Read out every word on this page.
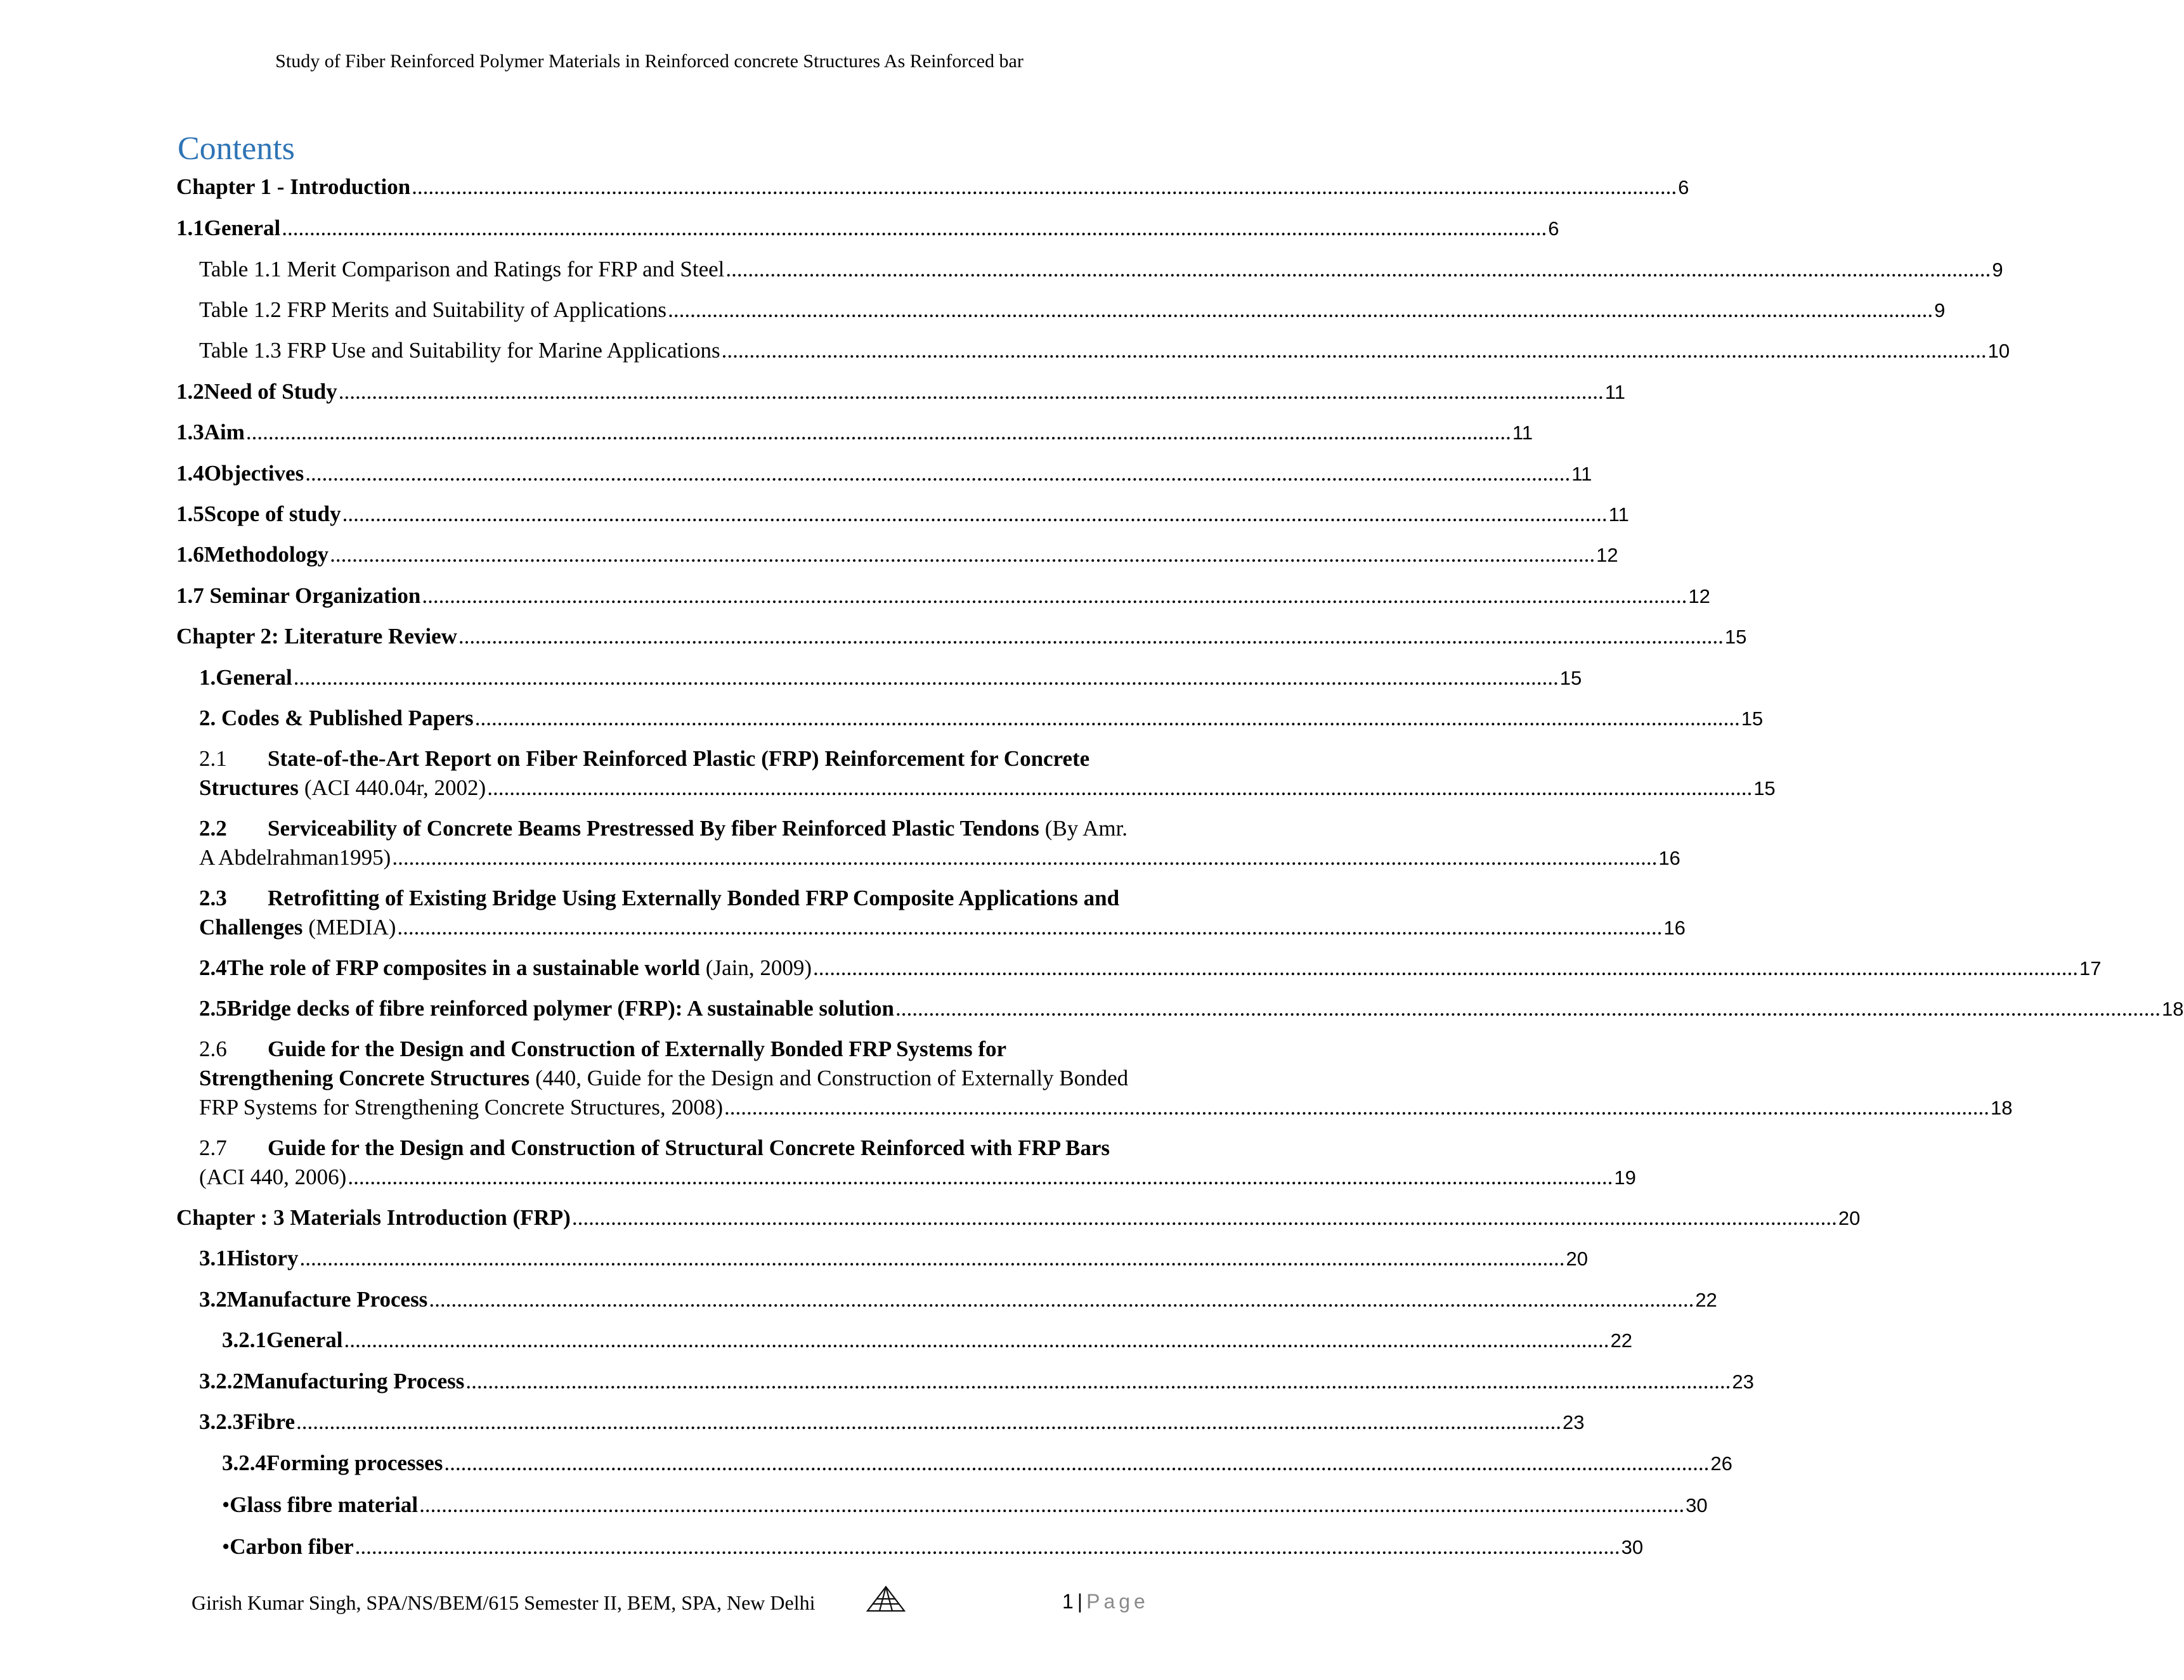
Study of Fiber Reinforced Polymer Materials in Reinforced concrete Structures As Reinforced bar
Contents
Chapter 1 - Introduction .................................................................................................................................................................................................................................... 6
1.1 General .................................................................................................................................................................................................................................... 6
Table 1.1 Merit Comparison and Ratings for FRP and Steel .................................................................................................................................................................................................................................... 9
Table 1.2 FRP Merits and Suitability of Applications .................................................................................................................................................................................................................................... 9
Table 1.3 FRP Use and Suitability for Marine Applications .................................................................................................................................................................................................................................... 10
1.2 Need of Study .................................................................................................................................................................................................................................... 11
1.3 Aim .................................................................................................................................................................................................................................... 11
1.4 Objectives .................................................................................................................................................................................................................................... 11
1.5 Scope of study .................................................................................................................................................................................................................................... 11
1.6 Methodology .................................................................................................................................................................................................................................... 12
1.7 Seminar Organization .................................................................................................................................................................................................................................... 12
Chapter 2: Literature Review .................................................................................................................................................................................................................................... 15
1. General .................................................................................................................................................................................................................................... 15
2. Codes & Published Papers .................................................................................................................................................................................................................................... 15
2.1	State-of-the-Art Report on Fiber Reinforced Plastic (FRP) Reinforcement for Concrete
Structures (ACI 440.04r, 2002) .................................................................................................................................................................................................................................... 15
2.2	Serviceability of Concrete Beams Prestressed By fiber Reinforced Plastic Tendons (By Amr.
A Abdelrahman1995) .................................................................................................................................................................................................................................... 16
2.3	Retrofitting of Existing Bridge Using Externally Bonded FRP Composite Applications and
Challenges (MEDIA) .................................................................................................................................................................................................................................... 16
2.4 The role of FRP composites in a sustainable world (Jain, 2009) .................................................................................................................................................................................................................................... 17
2.5 Bridge decks of fibre reinforced polymer (FRP): A sustainable solution .................................................................................................................................................................................................................................... 18
2.6	Guide for the Design and Construction of Externally Bonded FRP Systems for
Strengthening Concrete Structures (440, Guide for the Design and Construction of Externally Bonded
FRP Systems for Strengthening Concrete Structures, 2008) .................................................................................................................................................................................................................................... 18
2.7	Guide for the Design and Construction of Structural Concrete Reinforced with FRP Bars
(ACI 440, 2006) .................................................................................................................................................................................................................................... 19
Chapter : 3 Materials Introduction (FRP) .................................................................................................................................................................................................................................... 20
3.1 History .................................................................................................................................................................................................................................... 20
3.2 Manufacture Process .................................................................................................................................................................................................................................... 22
3.2.1 General .................................................................................................................................................................................................................................... 22
3.2.2 Manufacturing Process .................................................................................................................................................................................................................................... 23
3.2.3 Fibre .................................................................................................................................................................................................................................... 23
3.2.4 Forming processes .................................................................................................................................................................................................................................... 26
• Glass fibre material .................................................................................................................................................................................................................................... 30
• Carbon fiber .................................................................................................................................................................................................................................... 30
Girish Kumar Singh, SPA/NS/BEM/615 Semester II, BEM, SPA, New Delhi	1 | Page
